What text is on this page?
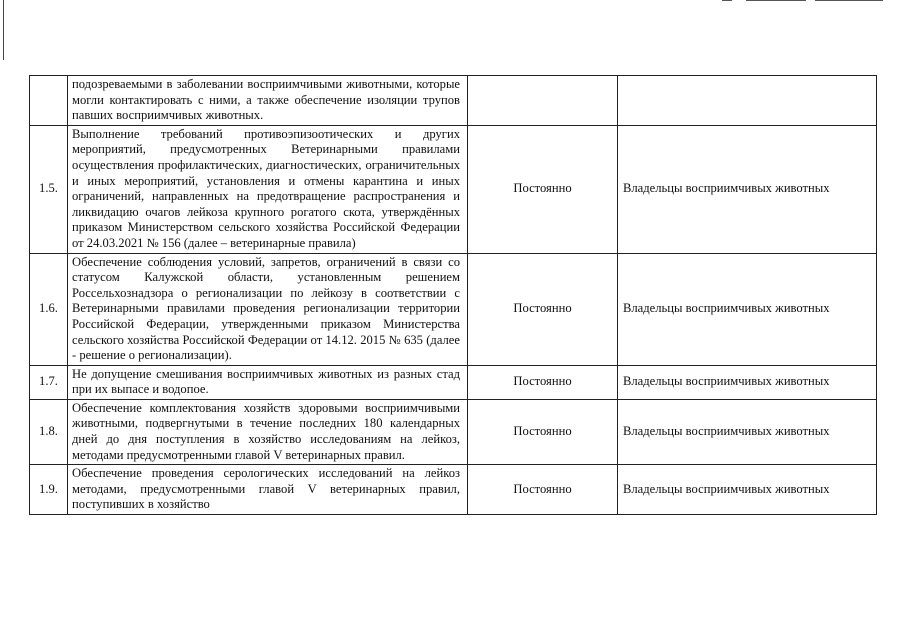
	подозреваемыми в заболевании восприимчивыми животными, которые могли контактировать с ними, а также обеспечение изоляции трупов павших восприимчивых животных.		
1.5.	Выполнение требований противоэпизоотических и других мероприятий, предусмотренных Ветеринарными правилами осуществления профилактических, диагностических, ограничительных и иных мероприятий, установления и отмены карантина и иных ограничений, направленных на предотвращение распространения и ликвидацию очагов лейкоза крупного рогатого скота, утверждённых приказом Министерством сельского хозяйства Российской Федерации от 24.03.2021 № 156 (далее – ветеринарные правила)	Постоянно	Владельцы восприимчивых животных
1.6.	Обеспечение соблюдения условий, запретов, ограничений в связи со статусом Калужской области, установленным решением Россельхознадзора о регионализации по лейкозу в соответствии с Ветеринарными правилами проведения регионализации территории Российской Федерации, утвержденными приказом Министерства сельского хозяйства Российской Федерации от 14.12. 2015 № 635 (далее - решение о регионализации).	Постоянно	Владельцы восприимчивых животных
1.7.	Не допущение смешивания восприимчивых животных из разных стад при их выпасе и водопое.	Постоянно	Владельцы восприимчивых животных
1.8.	Обеспечение комплектования хозяйств здоровыми восприимчивыми животными, подвергнутыми в течение последних 180 календарных дней до дня поступления в хозяйство исследованиям на лейкоз, методами предусмотренными главой V ветеринарных правил.	Постоянно	Владельцы восприимчивых животных
1.9.	Обеспечение проведения серологических исследований на лейкоз методами, предусмотренными главой V ветеринарных правил, поступивших в хозяйство	Постоянно	Владельцы восприимчивых животных
